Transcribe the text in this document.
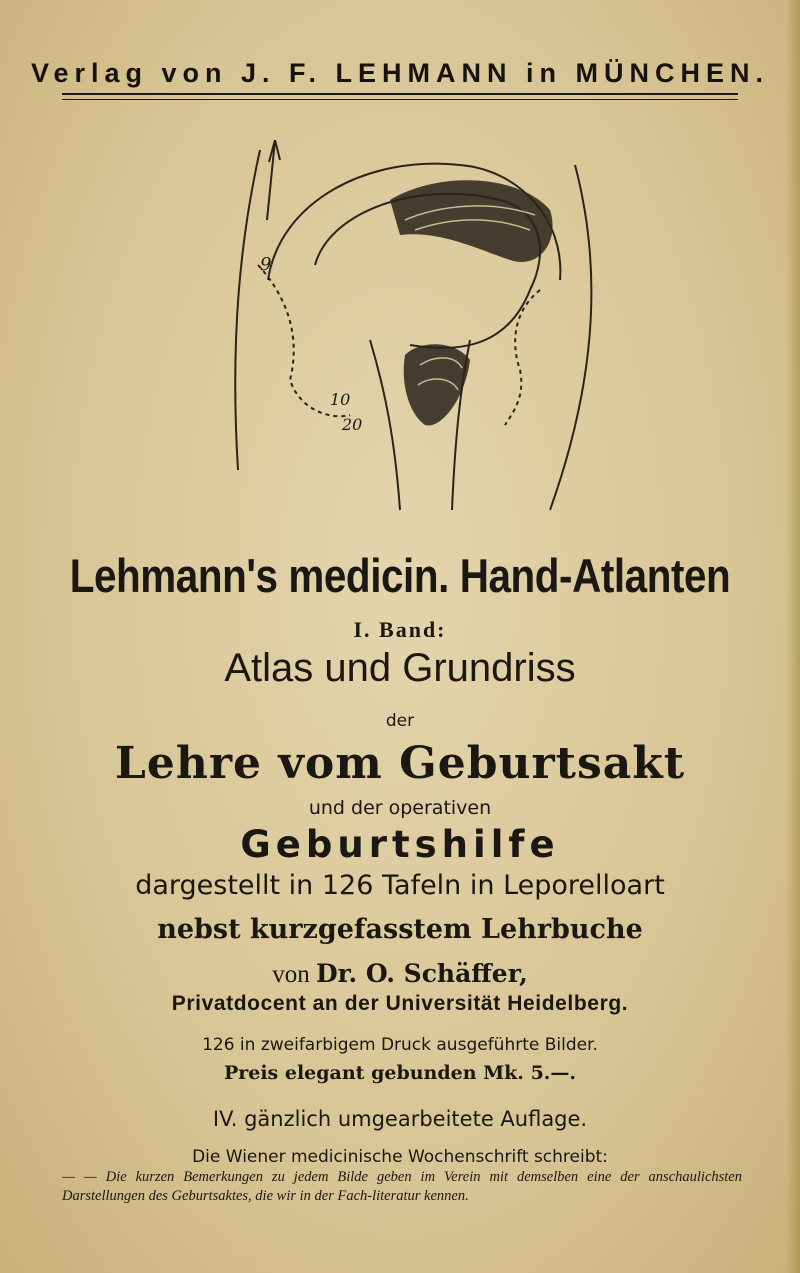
Verlag von J. F. LEHMANN in MÜNCHEN.
9
10
20
Lehmann's medicin. Hand-Atlanten
I. Band:
Atlas und Grundriss
der
Lehre vom Geburtsakt
und der operativen
Geburtshilfe
dargestellt in 126 Tafeln in Leporelloart
nebst kurzgefasstem Lehrbuche
von Dr. O. Schäffer,
Privatdocent an der Universität Heidelberg.
126 in zweifarbigem Druck ausgeführte Bilder.
Preis elegant gebunden Mk. 5.—.
IV. gänzlich umgearbeitete Auflage.
Die Wiener medicinische Wochenschrift schreibt:
— — Die kurzen Bemerkungen zu jedem Bilde geben im Verein mit demselben eine der anschaulichsten Darstellungen des Geburtsaktes, die wir in der Fach-literatur kennen.
